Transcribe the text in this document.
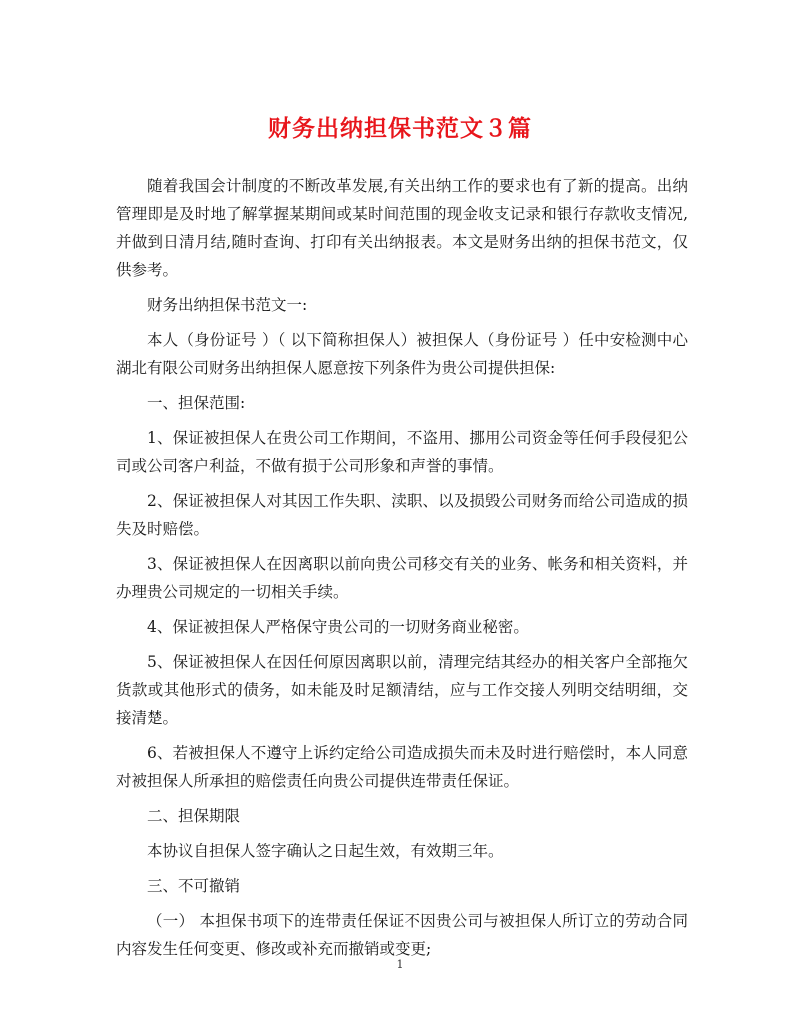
财务出纳担保书范文３篇

随着我国会计制度的不断改革发展,有关出纳工作的要求也有了新的提高。出纳管理即是及时地了解掌握某期间或某时间范围的现金收支记录和银行存款收支情况,并做到日清月结,随时查询、打印有关出纳报表。本文是财务出纳的担保书范文，仅供参考。

财务出纳担保书范文一:

本人（身份证号 ）（ 以下简称担保人）被担保人（身份证号 ）任中安检测中心湖北有限公司财务出纳担保人愿意按下列条件为贵公司提供担保:

一、担保范围:

1、保证被担保人在贵公司工作期间，不盗用、挪用公司资金等任何手段侵犯公司或公司客户利益，不做有损于公司形象和声誉的事情。

2、保证被担保人对其因工作失职、渎职、以及损毁公司财务而给公司造成的损失及时赔偿。

3、保证被担保人在因离职以前向贵公司移交有关的业务、帐务和相关资料，并办理贵公司规定的一切相关手续。

4、保证被担保人严格保守贵公司的一切财务商业秘密。

5、保证被担保人在因任何原因离职以前，清理完结其经办的相关客户全部拖欠货款或其他形式的债务，如未能及时足额清结，应与工作交接人列明交结明细，交接清楚。

6、若被担保人不遵守上诉约定给公司造成损失而未及时进行赔偿时，本人同意对被担保人所承担的赔偿责任向贵公司提供连带责任保证。

二、担保期限

本协议自担保人签字确认之日起生效，有效期三年。

三、不可撤销

（一） 本担保书项下的连带责任保证不因贵公司与被担保人所订立的劳动合同内容发生任何变更、修改或补充而撤销或变更;

1
